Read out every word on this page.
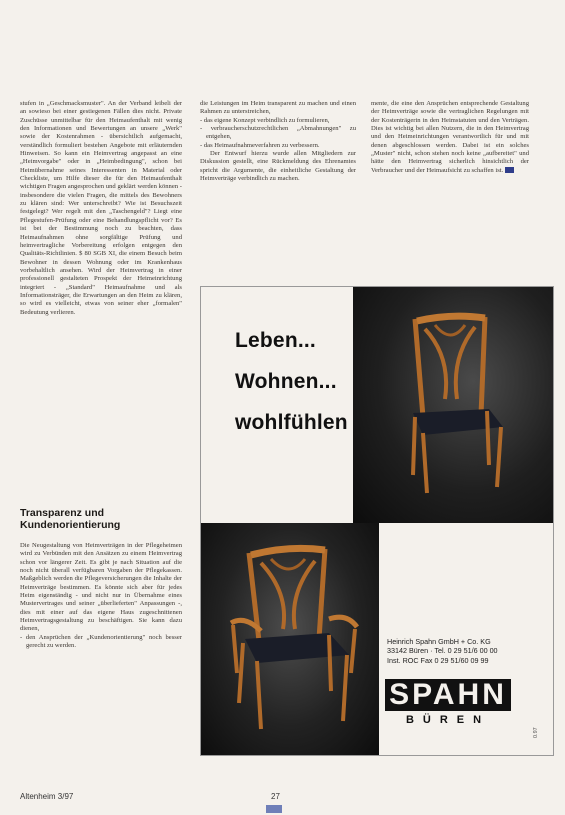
stufen in „Geschmacksmuster". An der Verband leibeli der an sowieso bei einer gestiegenen Fällen dies nicht. Private Zuschüsse unmittelbar für den Heimaufenthalt mit wenig den Informationen und Bewertungen an unsere „Werk" sowie der Kostenrahmen - übersichtlich aufgemacht, verständlich formuliert bestehen Angebote mit erläuternden Hinweisen. So kann ein Heimvertrag angepasst an eine „Heimvorgabe" oder in „Heimbedingung", schon bei Heimübernahme seines Interessenten in Material oder Checkliste, um Hilfe dieser die für den Heimaufenthalt wichtigen Fragen angesprochen und geklärt werden können - insbesondere die vielen Fragen, die mittels des Bewohners zu klären sind: Wer unterschreibt? Wie ist Besuchszeit festgelegt? Wer regelt mit den „Taschengeld"? Liegt eine Pflegestufen-Prüfung oder eine Behandlungspflicht vor? Es ist bei der Bestimmung noch zu beachten, dass Heimaufnahmen ohne sorgfältige Prüfung und heimvertragliche Vorbereitung erfolgen entgegen den Qualitäts-Richtlinien. $ 80 SGB XI, die einem Besuch beim Bewohner in dessen Wohnung oder im Krankenhaus vorbehaltlich ansehen. Wird der Heimvertrag in einer professionell gestalteten Prospekt der Heimeinrichtung integriert - „Standard" Heimaufnahme und als Informationsträger, die Erwartungen an den Heim zu klären, so wird es vielleicht, etwas von seiner eher „formalen" Bedeutung verlieren.

die Leistungen im Heim transparent zu machen und einen Rahmen zu unterstreichen,

- das eigene Konzept verbindlich zu formulieren,

- verbraucherschutzrechtlichen „Abmahnungen" zu entgehen,

- das Heimaufnahmeverfahren zu verbessern.

Der Entwurf hierzu wurde allen Mitgliedern zur Diskussion gestellt, eine Rückmeldung des Ehrenamtes spricht die Argumente, die einheitliche Gestaltung der Heimverträge verbindlich zu machen.

mente, die eine den Ansprüchen entsprechende Gestaltung der Heimverträge sowie die vertraglichen Regelungen mit der Kostenträgerin in den Heimstatuten und den Verträgen. Dies ist wichtig bei allen Nutzern, die in den Heimvertrag und den Heimeinrichtungen verantwortlich für und mit denen abgeschlossen werden. Dabei ist ein solches „Muster" nicht, schon stehen noch keine „aufbereitet" und hätte den Heimvertrag sicherlich hinsichtlich der Verbraucher und der Heimaufsicht zu schaffen ist.

Transparenz und Kundenorientierung

Die Neugestaltung von Heimverträgen in der Pflegeheimen wird zu Verbünden mit den Ansätzen zu einem Heimvertrag schon vor längerer Zeit. Es gibt je nach Situation auf die noch nicht überall verfügbaren Vorgaben der Pflegekassen. Maßgeblich werden die Pflegeversicherungen die Inhalte der Heimverträge bestimmen. Es könnte sich aber für jedes Heim eigenständig - und nicht nur in Übernahme eines Mustervertrages und seiner „überlieferten" Anpassungen -, dies mit einer auf das eigene Haus zugeschnittenen Heimvertragsgestaltung zu beschäftigen. Sie kann dazu dienen,

- den Ansprüchen der „Kundenorientierung" noch besser gerecht zu werden.

Leben...
Wohnen...
wohlfühlen
Heinrich Spahn GmbH + Co. KG
33142 Büren · Tel. 0 29 51/6 00 00
Inst. ROC Fax 0 29 51/60 09 99
SPAHN
BÜREN
0.97
Altenheim 3/97	27
